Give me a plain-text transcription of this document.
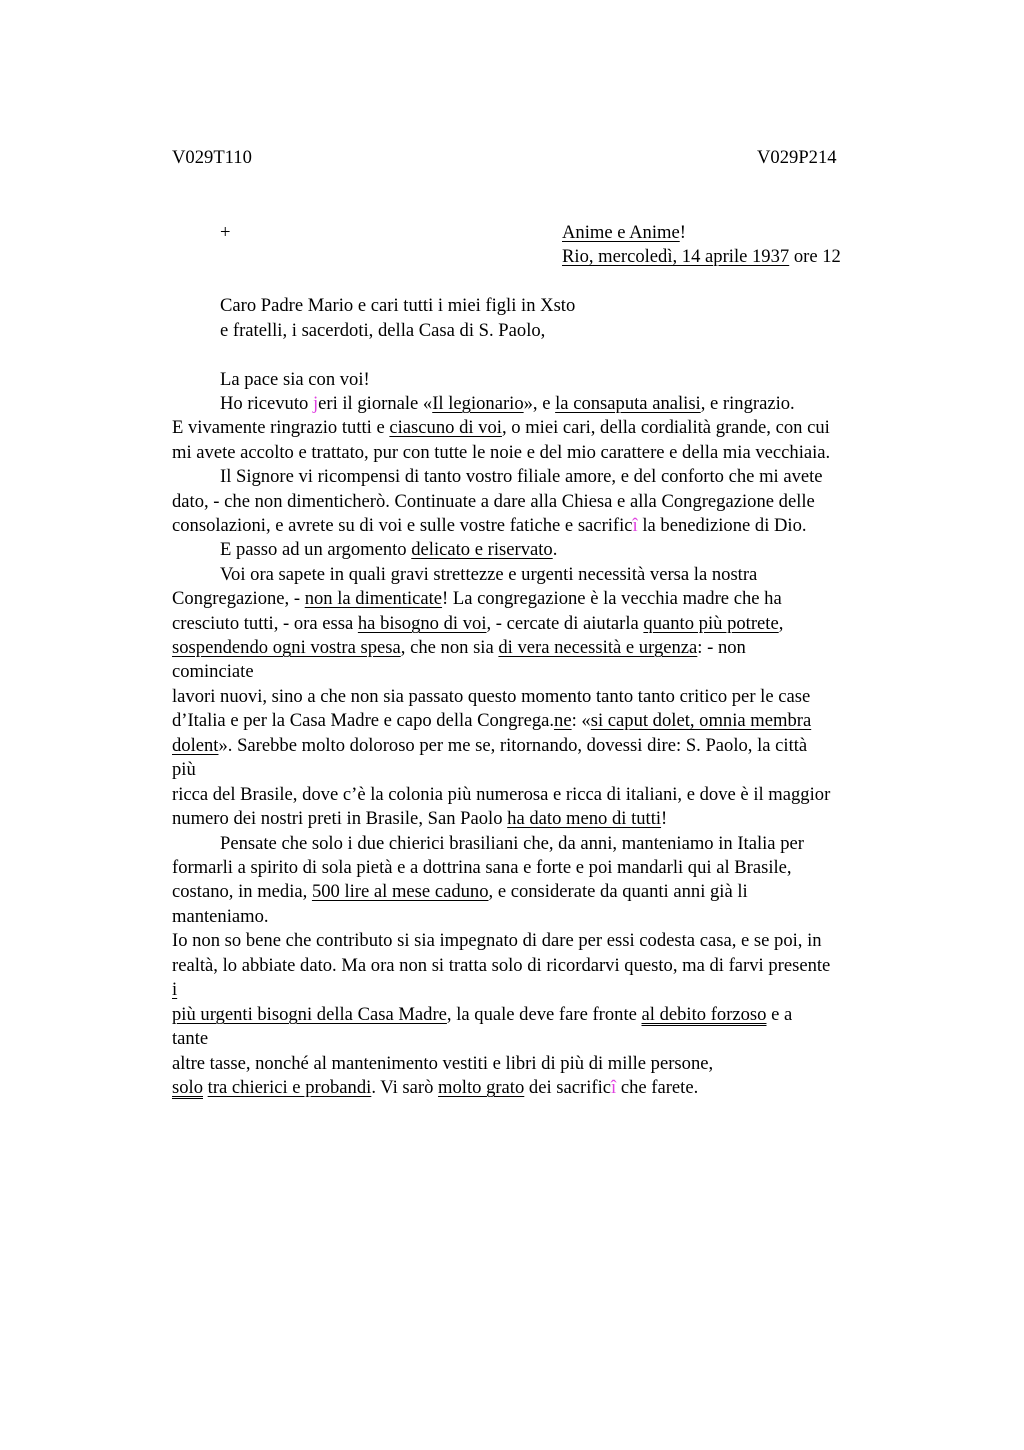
V029T110	V029P214
+	Anime e Anime!
Rio, mercoledì, 14 aprile 1937 ore 12
Caro Padre Mario e cari tutti i miei figli in Xsto
e fratelli, i sacerdoti, della Casa di S. Paolo,
La pace sia con voi!
Ho ricevuto jeri il giornale «Il legionario», e la consaputa analisi, e ringrazio.
E vivamente ringrazio tutti e ciascuno di voi, o miei cari, della cordialità grande, con cui
mi avete accolto e trattato, pur con tutte le noie e del mio carattere e della mia vecchiaia.
Il Signore vi ricompensi di tanto vostro filiale amore, e del conforto che mi avete
dato, - che non dimenticherò. Continuate a dare alla Chiesa e alla Congregazione delle
consolazioni, e avrete su di voi e sulle vostre fatiche e sacrificî la benedizione di Dio.
E passo ad un argomento delicato e riservato.
Voi ora sapete in quali gravi strettezze e urgenti necessità versa la nostra
Congregazione, - non la dimenticate! La congregazione è la vecchia madre che ha
cresciuto tutti, - ora essa ha bisogno di voi, - cercate di aiutarla quanto più potrete,
sospendendo ogni vostra spesa, che non sia di vera necessità e urgenza: - non
cominciate
lavori nuovi, sino a che non sia passato questo momento tanto tanto critico per le case
d’Italia e per la Casa Madre e capo della Congrega.ne: «si caput dolet, omnia membra
dolent». Sarebbe molto doloroso per me se, ritornando, dovessi dire: S. Paolo, la città
più
ricca del Brasile, dove c’è la colonia più numerosa e ricca di italiani, e dove è il maggior
numero dei nostri preti in Brasile, San Paolo ha dato meno di tutti!
Pensate che solo i due chierici brasiliani che, da anni, manteniamo in Italia per
formarli a spirito di sola pietà e a dottrina sana e forte e poi mandarli qui al Brasile,
costano, in media, 500 lire al mese caduno, e considerate da quanti anni già li
manteniamo.
Io non so bene che contributo si sia impegnato di dare per essi codesta casa, e se poi, in
realtà, lo abbiate dato. Ma ora non si tratta solo di ricordarvi questo, ma di farvi presente
i
più urgenti bisogni della Casa Madre, la quale deve fare fronte al debito forzoso e a
tante
altre tasse, nonché al mantenimento vestiti e libri di più di mille persone,
solo tra chierici e probandi. Vi sarò molto grato dei sacrificî che farete.
